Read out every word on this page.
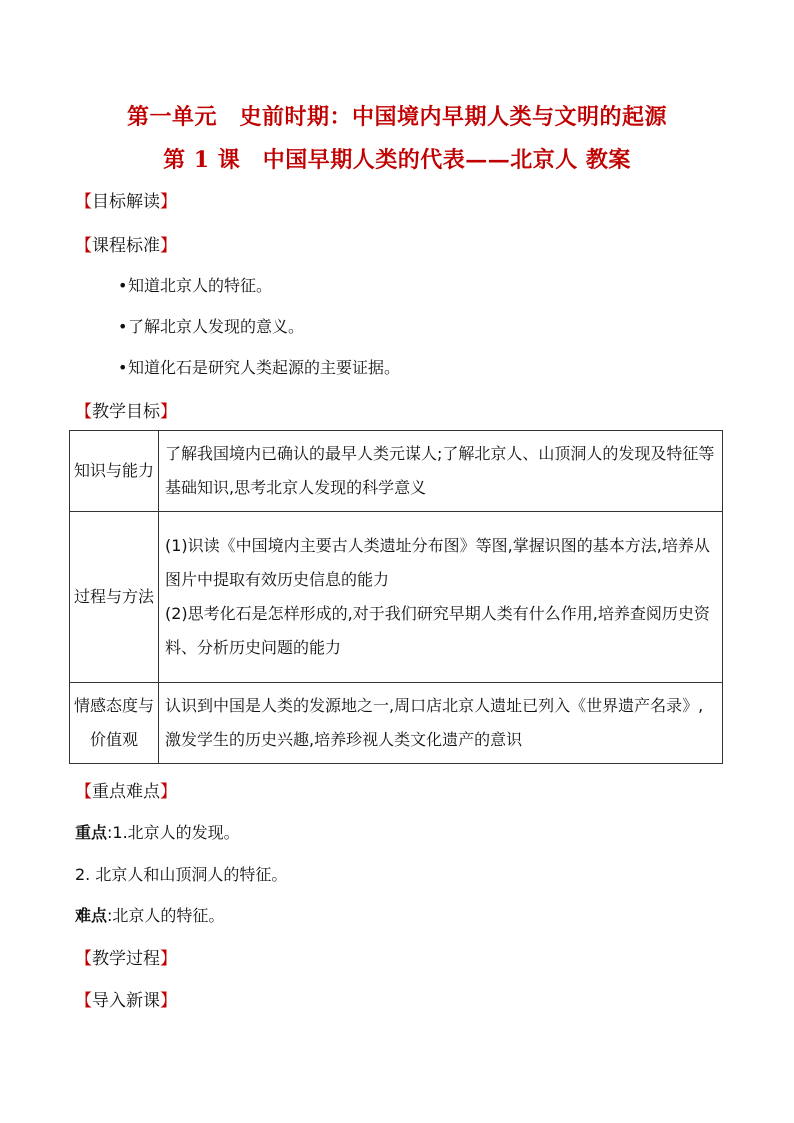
第一单元　史前时期：中国境内早期人类与文明的起源
第 1 课　中国早期人类的代表——北京人 教案
【目标解读】
【课程标准】
•知道北京人的特征。
•了解北京人发现的意义。
•知道化石是研究人类起源的主要证据。
【教学目标】
知识与能力	了解我国境内已确认的最早人类元谋人;了解北京人、山顶洞人的发现及特征等基础知识,思考北京人发现的科学意义
过程与方法	(1)识读《中国境内主要古人类遗址分布图》等图,掌握识图的基本方法,培养从图片中提取有效历史信息的能力
(2)思考化石是怎样形成的,对于我们研究早期人类有什么作用,培养查阅历史资料、分析历史问题的能力

情感态度与价值观	认识到中国是人类的发源地之一,周口店北京人遗址已列入《世界遗产名录》,激发学生的历史兴趣,培养珍视人类文化遗产的意识
【重点难点】
重点:1.北京人的发现。
2. 北京人和山顶洞人的特征。
难点:北京人的特征。
【教学过程】
【导入新课】
